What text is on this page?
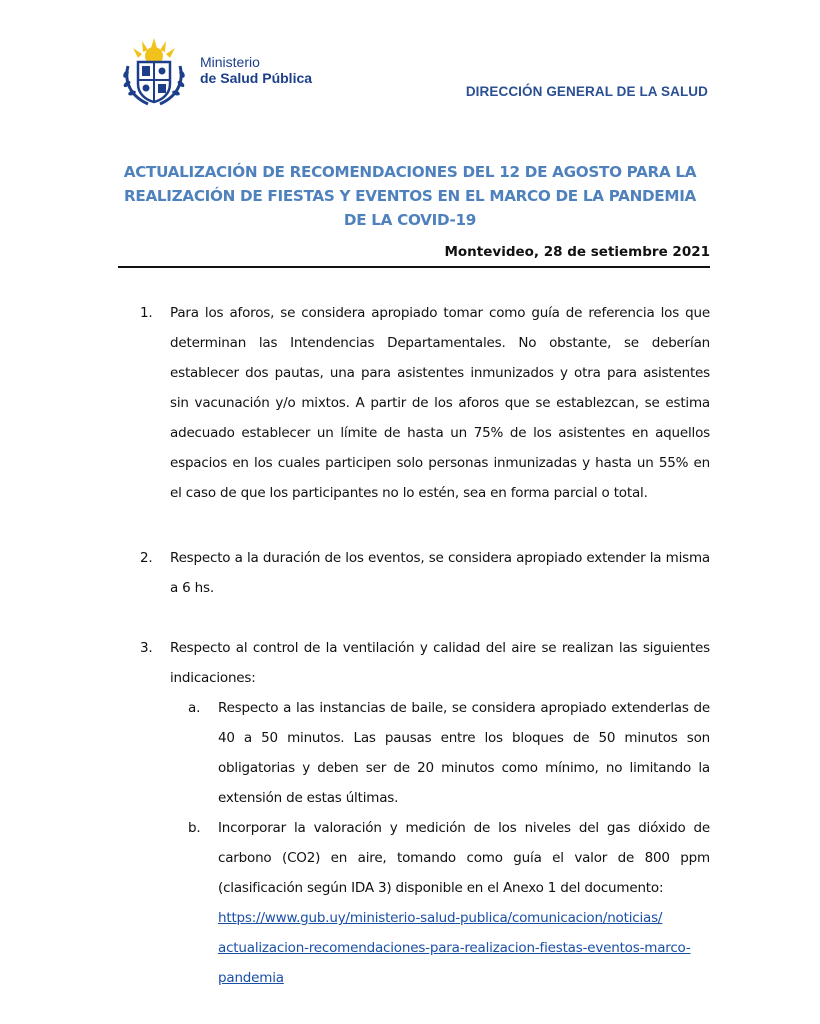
Ministerio
de Salud Pública
DIRECCIÓN GENERAL DE LA SALUD
ACTUALIZACIÓN DE RECOMENDACIONES DEL 12 DE AGOSTO PARA LA REALIZACIÓN DE FIESTAS Y EVENTOS EN EL MARCO DE LA PANDEMIA DE LA COVID-19
Montevideo, 28 de setiembre 2021
1.	Para los aforos, se considera apropiado tomar como guía de referencia los que determinan las Intendencias Departamentales. No obstante, se deberían establecer dos pautas, una para asistentes inmunizados y otra para asistentes sin vacunación y/o mixtos. A partir de los aforos que se establezcan, se estima adecuado establecer un límite de hasta un 75% de los asistentes en aquellos espacios en los cuales participen solo personas inmunizadas y hasta un 55% en el caso de que los participantes no lo estén, sea en forma parcial o total.
2.	Respecto a la duración de los eventos, se considera apropiado extender la misma a 6 hs.
3.	Respecto al control de la ventilación y calidad del aire se realizan las siguientes indicaciones:
a.	Respecto a las instancias de baile, se considera apropiado extenderlas de 40 a 50 minutos. Las pausas entre los bloques de 50 minutos son obligatorias y deben ser de 20 minutos como mínimo, no limitando la extensión de estas últimas.
b.	Incorporar la valoración y medición de los niveles del gas dióxido de carbono (CO2) en aire, tomando como guía el valor de 800 ppm (clasificación según IDA 3) disponible en el Anexo 1 del documento:
https://www.gub.uy/ministerio-salud-publica/comunicacion/noticias/
actualizacion-recomendaciones-para-realizacion-fiestas-eventos-marco-
pandemia
